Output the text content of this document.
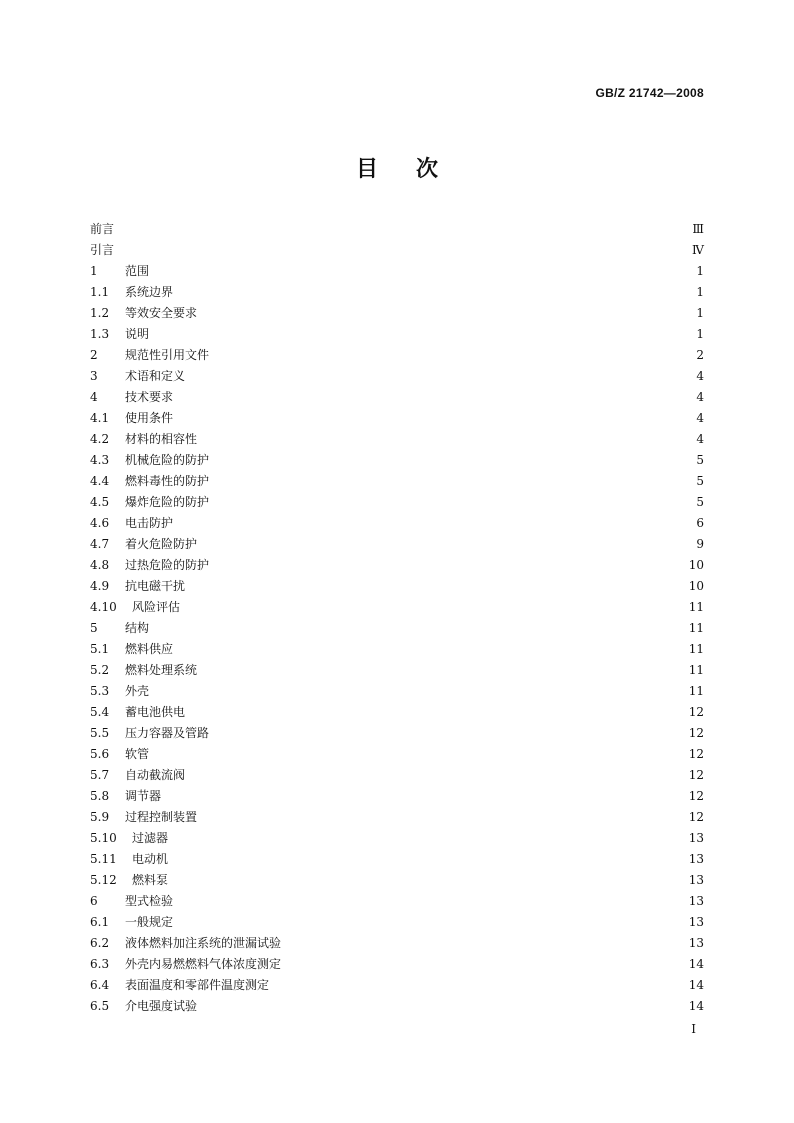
GB/Z 21742—2008
目次
前言	Ⅲ
引言	Ⅳ
1	范围	1
1.1	系统边界	1
1.2	等效安全要求	1
1.3	说明	1
2	规范性引用文件	2
3	术语和定义	4
4	技术要求	4
4.1	使用条件	4
4.2	材料的相容性	4
4.3	机械危险的防护	5
4.4	燃料毒性的防护	5
4.5	爆炸危险的防护	5
4.6	电击防护	6
4.7	着火危险防护	9
4.8	过热危险的防护	10
4.9	抗电磁干扰	10
4.10	风险评估	11
5	结构	11
5.1	燃料供应	11
5.2	燃料处理系统	11
5.3	外壳	11
5.4	蓄电池供电	12
5.5	压力容器及管路	12
5.6	软管	12
5.7	自动截流阀	12
5.8	调节器	12
5.9	过程控制装置	12
5.10	过滤器	13
5.11	电动机	13
5.12	燃料泵	13
6	型式检验	13
6.1	一般规定	13
6.2	液体燃料加注系统的泄漏试验	13
6.3	外壳内易燃燃料气体浓度测定	14
6.4	表面温度和零部件温度测定	14
6.5	介电强度试验	14
I
